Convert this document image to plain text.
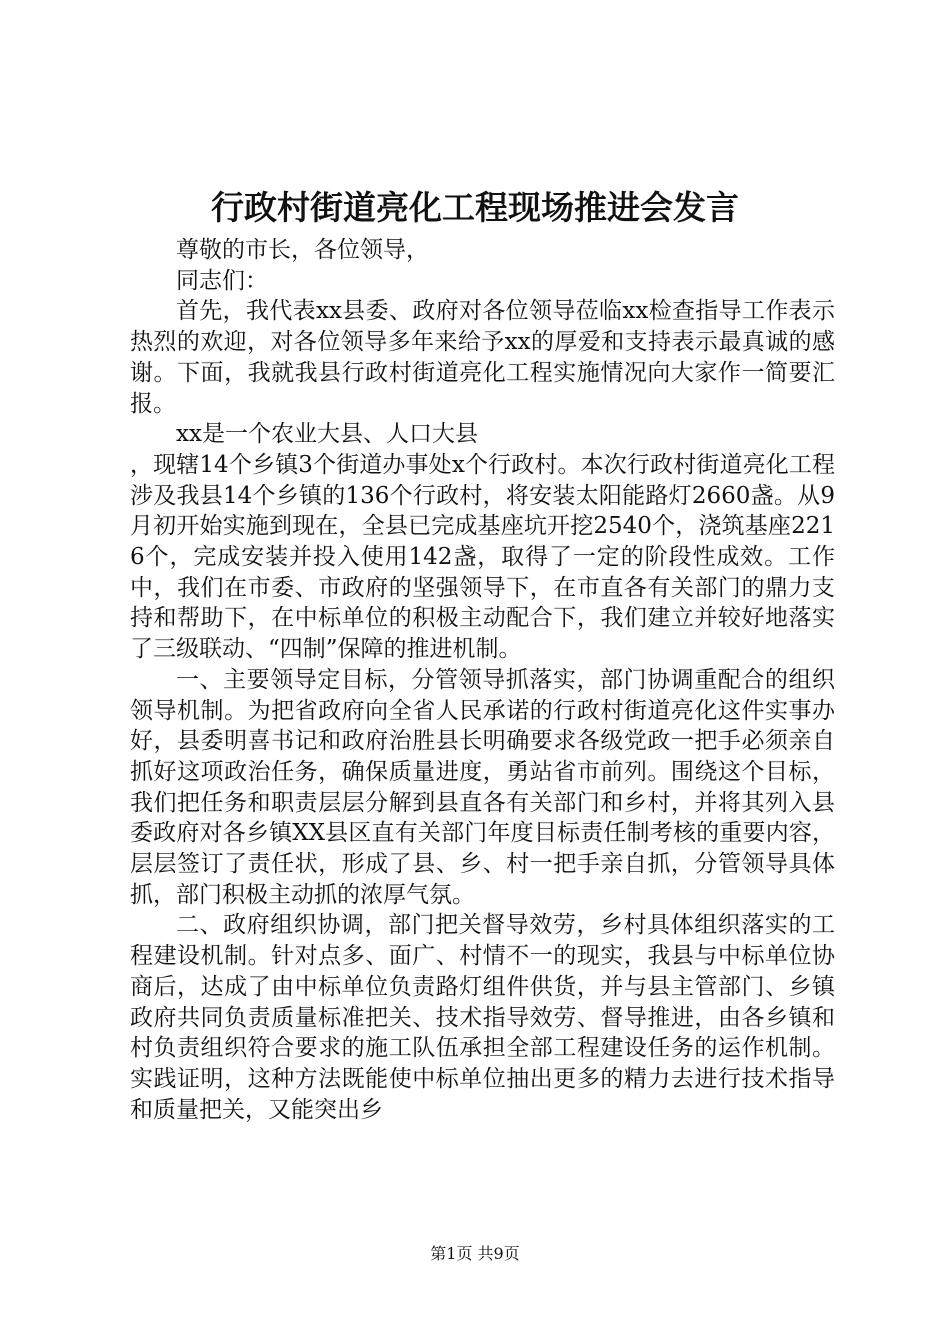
行政村街道亮化工程现场推进会发言

尊敬的市长，各位领导，

同志们：

首先，我代表xx县委、政府对各位领导莅临xx检查指导工作表示热烈的欢迎，对各位领导多年来给予xx的厚爱和支持表示最真诚的感谢。下面，我就我县行政村街道亮化工程实施情况向大家作一简要汇报。

xx是一个农业大县、人口大县

，现辖14个乡镇3个街道办事处x个行政村。本次行政村街道亮化工程涉及我县14个乡镇的136个行政村，将安装太阳能路灯2660盏。从9月初开始实施到现在，全县已完成基座坑开挖2540个，浇筑基座2216个，完成安装并投入使用142盏，取得了一定的阶段性成效。工作中，我们在市委、市政府的坚强领导下，在市直各有关部门的鼎力支持和帮助下，在中标单位的积极主动配合下，我们建立并较好地落实了三级联动、“四制”保障的推进机制。

一、主要领导定目标，分管领导抓落实，部门协调重配合的组织领导机制。为把省政府向全省人民承诺的行政村街道亮化这件实事办好，县委明喜书记和政府治胜县长明确要求各级党政一把手必须亲自抓好这项政治任务，确保质量进度，勇站省市前列。围绕这个目标，我们把任务和职责层层分解到县直各有关部门和乡村，并将其列入县委政府对各乡镇XX县区直有关部门年度目标责任制考核的重要内容，层层签订了责任状，形成了县、乡、村一把手亲自抓，分管领导具体抓，部门积极主动抓的浓厚气氛。

二、政府组织协调，部门把关督导效劳，乡村具体组织落实的工程建设机制。针对点多、面广、村情不一的现实，我县与中标单位协商后，达成了由中标单位负责路灯组件供货，并与县主管部门、乡镇政府共同负责质量标准把关、技术指导效劳、督导推进，由各乡镇和村负责组织符合要求的施工队伍承担全部工程建设任务的运作机制。实践证明，这种方法既能使中标单位抽出更多的精力去进行技术指导和质量把关，又能突出乡

第1页 共9页
